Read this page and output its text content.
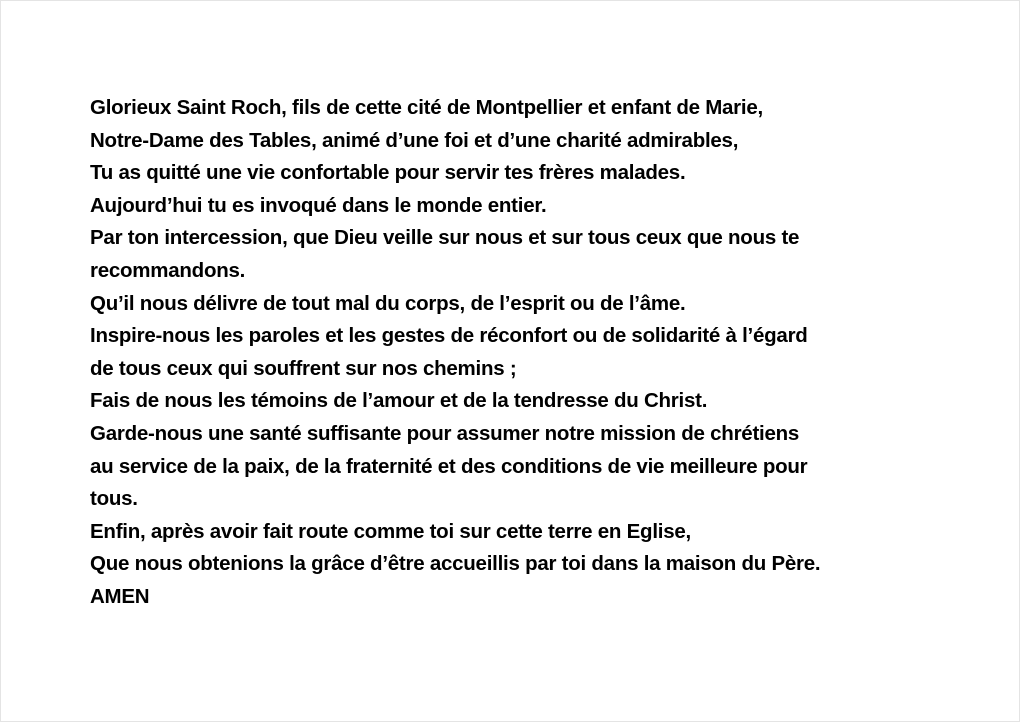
Glorieux Saint Roch, fils de cette cité de Montpellier et enfant de Marie,
Notre-Dame des Tables, animé d’une foi et d’une charité admirables,
Tu as quitté une vie confortable pour servir tes frères malades.
Aujourd’hui tu es invoqué dans le monde entier.
Par ton intercession, que Dieu veille sur nous et sur tous ceux que nous te
recommandons.
Qu’il nous délivre de tout mal du corps, de l’esprit ou de l’âme.
Inspire-nous les paroles et les gestes de réconfort ou de solidarité à l’égard
de tous ceux qui souffrent sur nos chemins ;
Fais de nous les témoins de l’amour et de la tendresse du Christ.
Garde-nous une santé suffisante pour assumer notre mission de chrétiens
au service de la paix, de la fraternité et des conditions de vie meilleure pour
tous.
Enfin, après avoir fait route comme toi sur cette terre en Eglise,
Que nous obtenions la grâce d’être accueillis par toi dans la maison du Père.
AMEN
